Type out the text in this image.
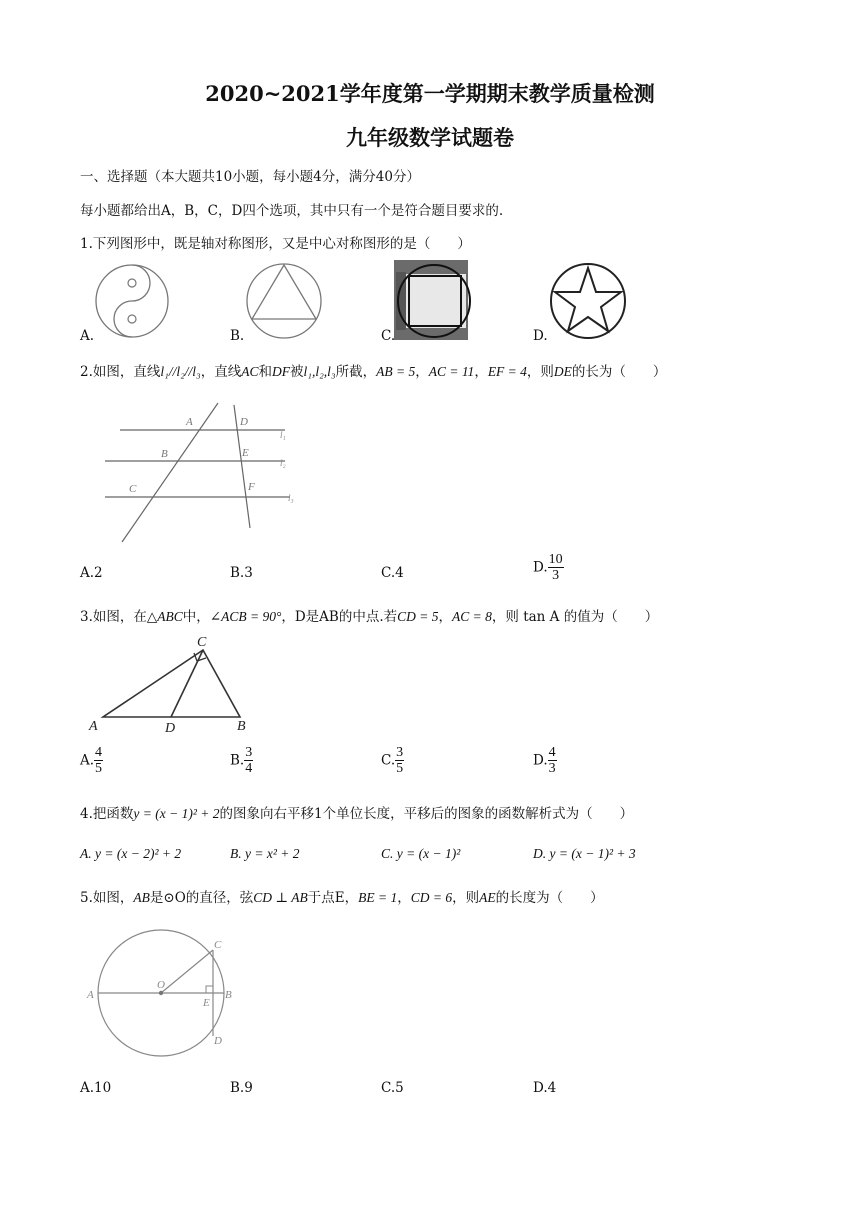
2020~2021学年度第一学期期末教学质量检测
九年级数学试题卷
一、选择题（本大题共10小题，每小题4分，满分40分）
每小题都给出A，B，C，D四个选项，其中只有一个是符合题目要求的.
1.下列图形中，既是轴对称图形，又是中心对称图形的是（　　）
A.	B.	C.	D.
2.如图，直线l₁//l₂//l₃，直线AC和DF被l₁,l₂,l₃所截，AB = 5，AC = 11，EF = 4，则DE的长为（　　）
A
B
C
D
E
F
l₁
l₂
l₃
A.2	B.3	C.4	D. $\frac{10}{3}$
3.如图，在△ABC中，∠ACB = 90°，D是AB的中点.若CD = 5，AC = 8，则 tan A 的值为（　　）
A	B
C
D
A. $\frac{4}{5}$	B. $\frac{3}{4}$	C. $\frac{3}{5}$	D. $\frac{4}{3}$
4.把函数y = (x − 1)² + 2的图象向右平移1个单位长度，平移后的图象的函数解析式为（　　）
A. y = (x − 2)² + 2	B. y = x² + 2	C. y = (x − 1)²	D. y = (x − 1)² + 3
5.如图，AB是⊙O的直径，弦CD ⊥ AB于点E，BE = 1，CD = 6，则AE的长度为（　　）
A
O
C
E
B
D
A.10	B.9	C.5	D.4
